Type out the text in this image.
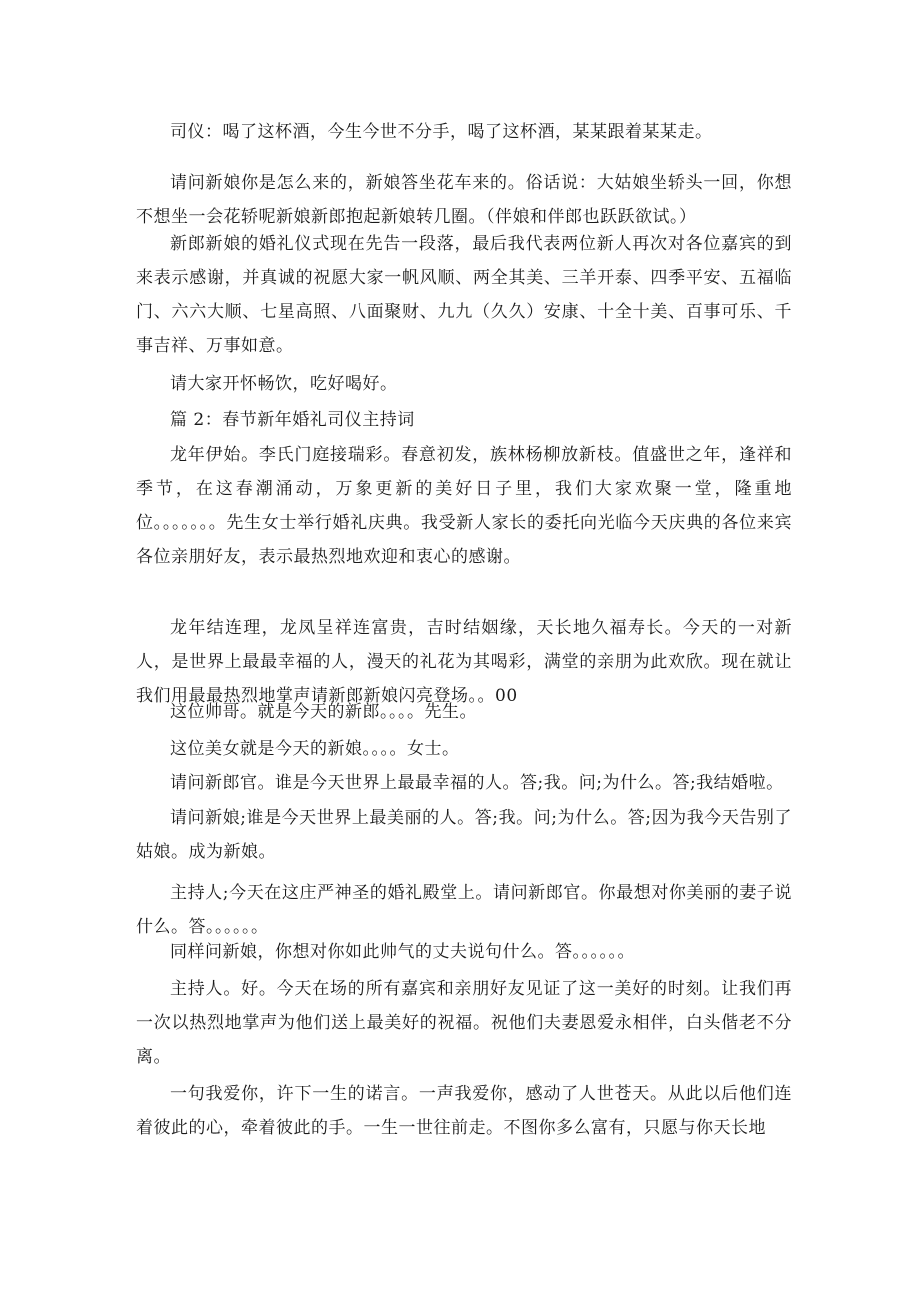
司仪：喝了这杯酒，今生今世不分手，喝了这杯酒，某某跟着某某走。

请问新娘你是怎么来的，新娘答坐花车来的。俗话说：大姑娘坐轿头一回，你想不想坐一会花轿呢新娘新郎抱起新娘转几圈。（伴娘和伴郎也跃跃欲试。）

新郎新娘的婚礼仪式现在先告一段落，最后我代表两位新人再次对各位嘉宾的到来表示感谢，并真诚的祝愿大家一帆风顺、两全其美、三羊开泰、四季平安、五福临门、六六大顺、七星高照、八面聚财、九九（久久）安康、十全十美、百事可乐、千事吉祥、万事如意。

请大家开怀畅饮，吃好喝好。

篇 2：春节新年婚礼司仪主持词

龙年伊始。李氏门庭接瑞彩。春意初发，族林杨柳放新枝。值盛世之年，逢祥和季节，在这春潮涌动，万象更新的美好日子里，我们大家欢聚一堂，隆重地位。。。。。。。先生女士举行婚礼庆典。我受新人家长的委托向光临今天庆典的各位来宾各位亲朋好友，表示最热烈地欢迎和衷心的感谢。

龙年结连理，龙凤呈祥连富贵，吉时结姻缘，天长地久福寿长。今天的一对新人，是世界上最最幸福的人，漫天的礼花为其喝彩，满堂的亲朋为此欢欣。现在就让我们用最最热烈地掌声请新郎新娘闪亮登场。。00

这位帅哥。就是今天的新郎。。。。先生。

这位美女就是今天的新娘。。。。女士。

请问新郎官。谁是今天世界上最最幸福的人。答;我。问;为什么。答;我结婚啦。

请问新娘;谁是今天世界上最美丽的人。答;我。问;为什么。答;因为我今天告别了姑娘。成为新娘。

主持人;今天在这庄严神圣的婚礼殿堂上。请问新郎官。你最想对你美丽的妻子说什么。答。。。。。。

同样问新娘，你想对你如此帅气的丈夫说句什么。答。。。。。。

主持人。好。今天在场的所有嘉宾和亲朋好友见证了这一美好的时刻。让我们再一次以热烈地掌声为他们送上最美好的祝福。祝他们夫妻恩爱永相伴，白头偕老不分离。

一句我爱你，许下一生的诺言。一声我爱你，感动了人世苍天。从此以后他们连着彼此的心，牵着彼此的手。一生一世往前走。不图你多么富有，只愿与你天长地
